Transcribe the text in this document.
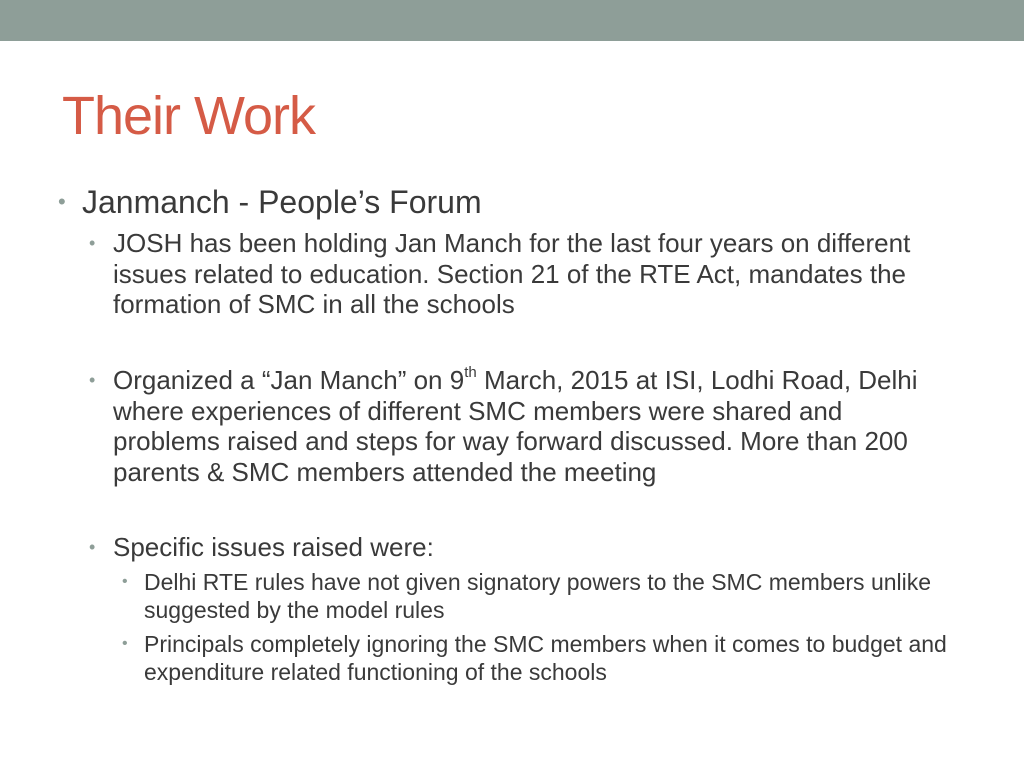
Their Work
• Janmanch - People’s Forum
• JOSH has been holding Jan Manch for the last four years on different issues related to education. Section 21 of the RTE Act, mandates the formation of SMC in all the schools
• Organized a “Jan Manch” on 9th March, 2015 at ISI, Lodhi Road, Delhi where experiences of different SMC members were shared and problems raised and steps for way forward discussed. More than 200 parents & SMC members attended the meeting
• Specific issues raised were:
• Delhi RTE rules have not given signatory powers to the SMC members unlike suggested by the model rules
• Principals completely ignoring the SMC members when it comes to budget and expenditure related functioning of the schools
